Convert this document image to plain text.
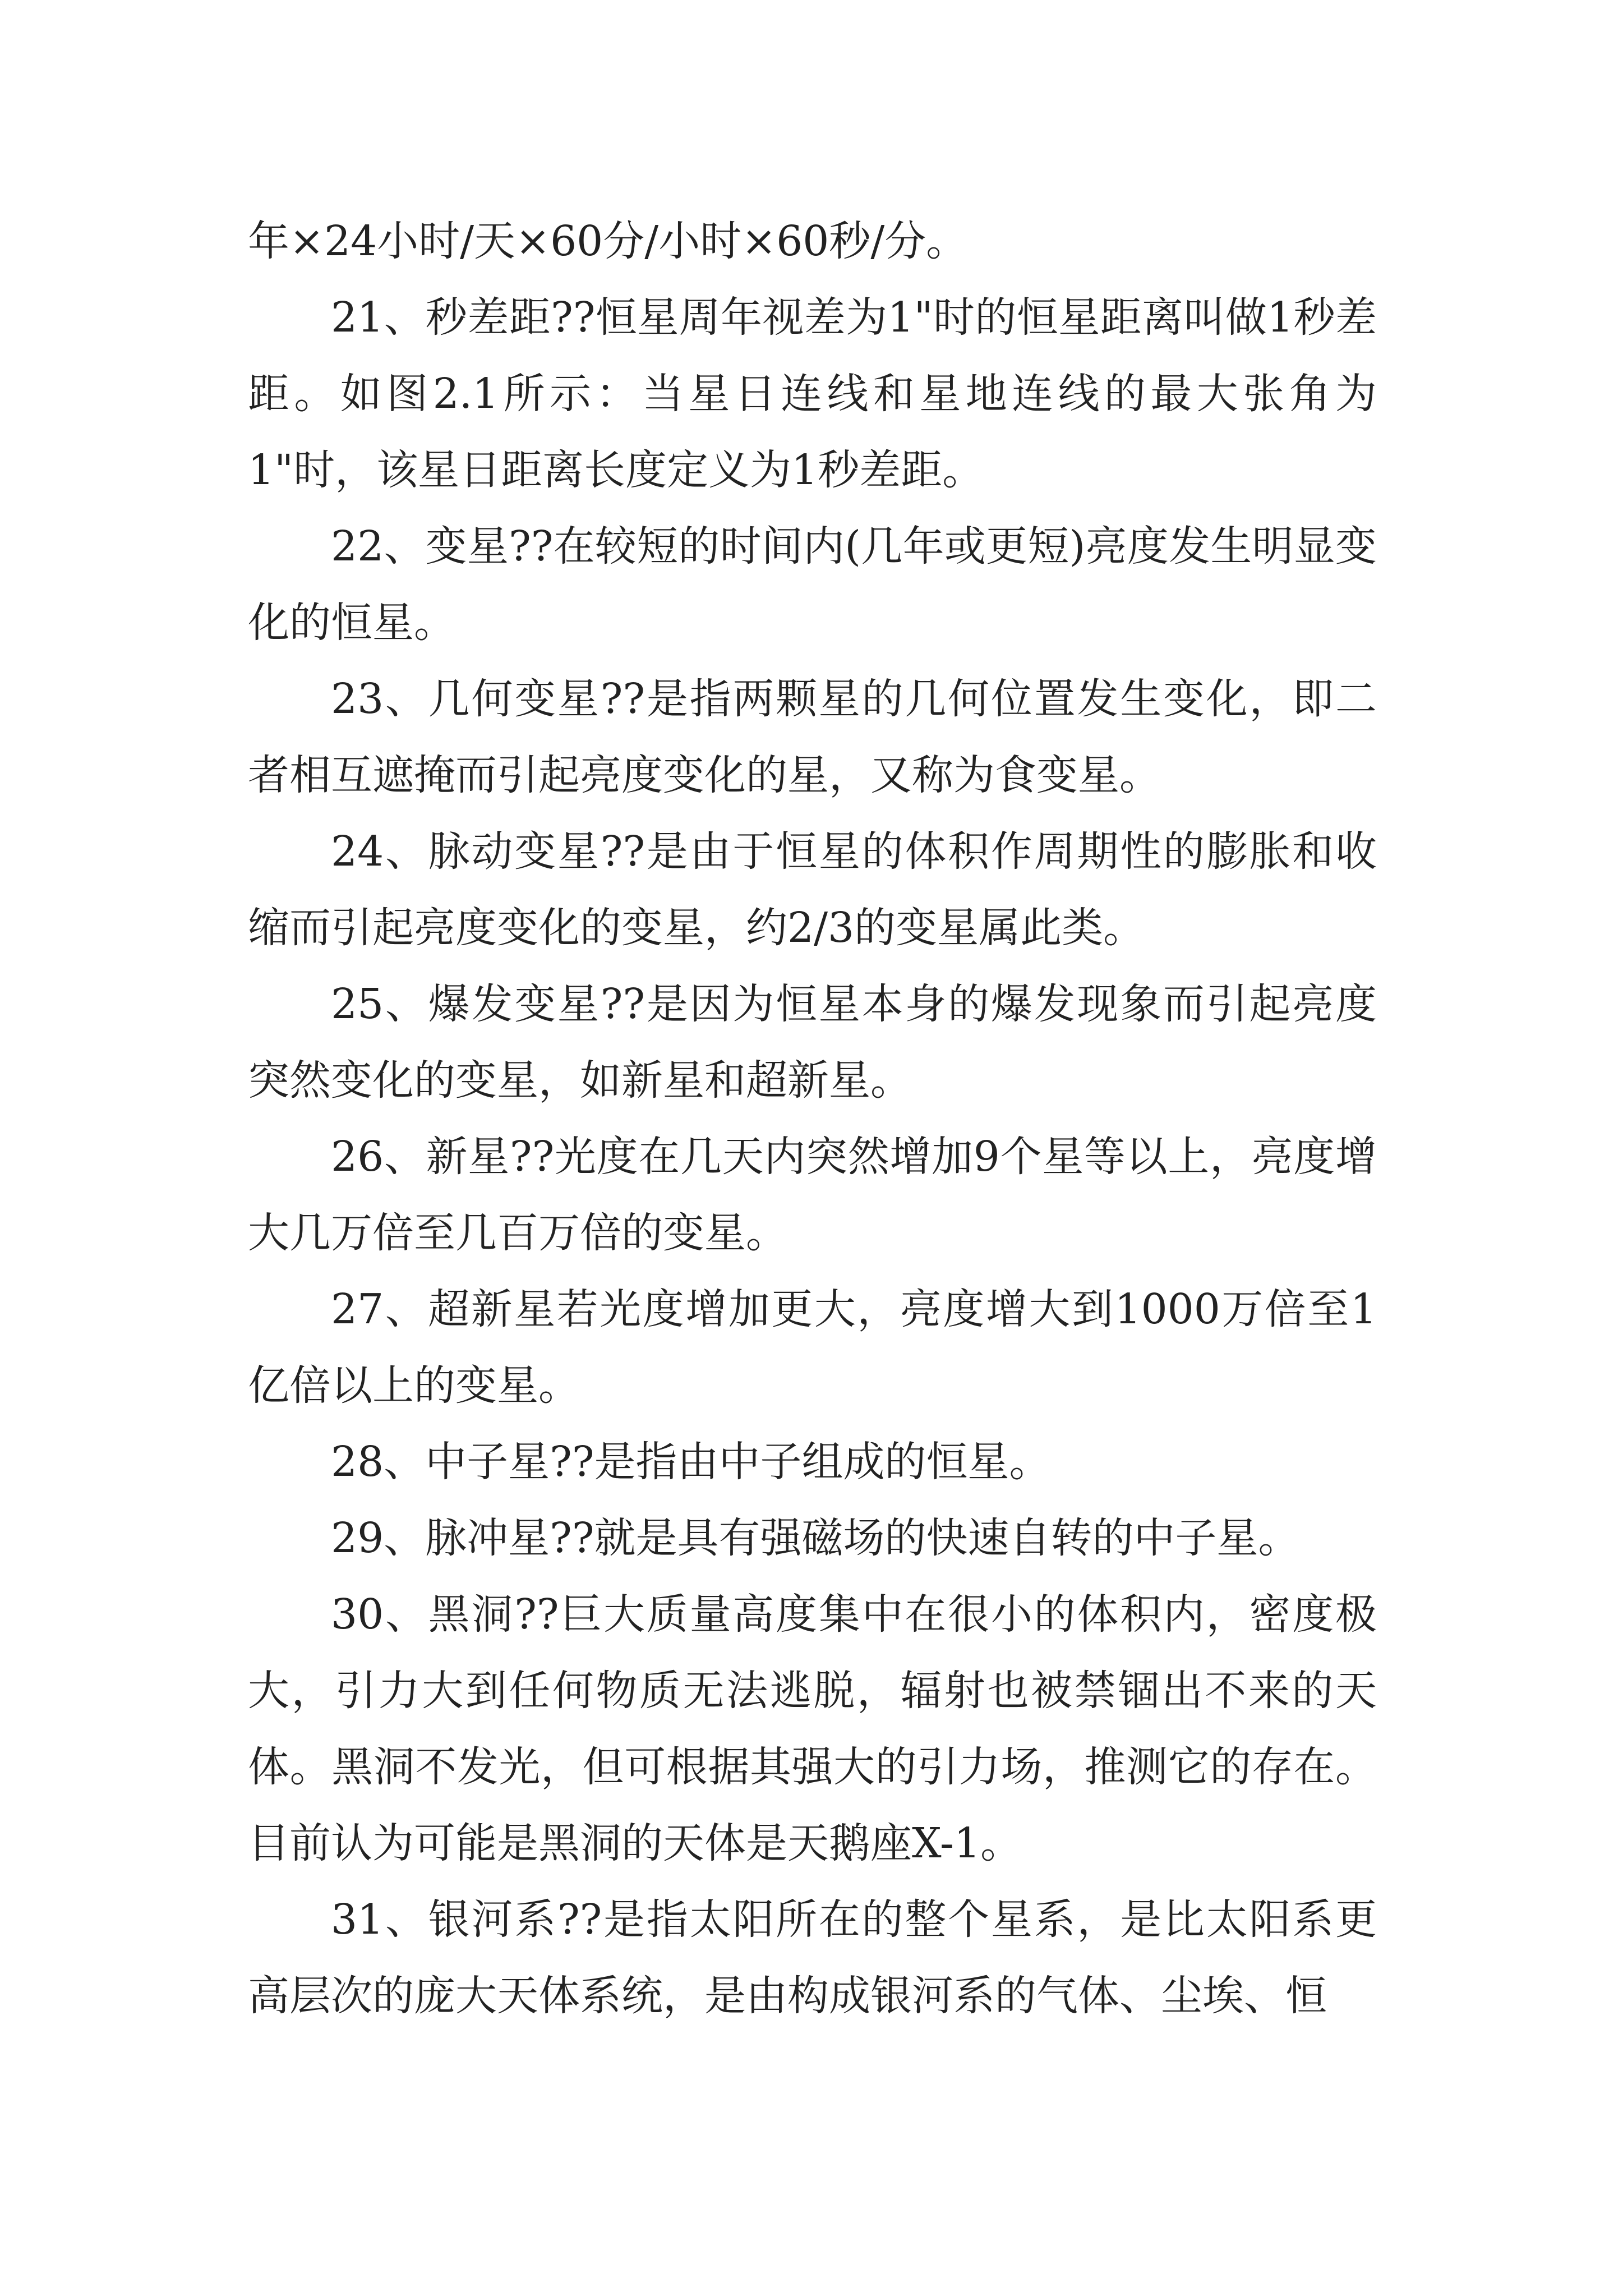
年×24小时/天×60分/小时×60秒/分。

21、秒差距??恒星周年视差为1"时的恒星距离叫做1秒差距。如图2.1所示：当星日连线和星地连线的最大张角为1"时，该星日距离长度定义为1秒差距。

22、变星??在较短的时间内(几年或更短)亮度发生明显变化的恒星。

23、几何变星??是指两颗星的几何位置发生变化，即二者相互遮掩而引起亮度变化的星，又称为食变星。

24、脉动变星??是由于恒星的体积作周期性的膨胀和收缩而引起亮度变化的变星，约2/3的变星属此类。

25、爆发变星??是因为恒星本身的爆发现象而引起亮度突然变化的变星，如新星和超新星。

26、新星??光度在几天内突然增加9个星等以上，亮度增大几万倍至几百万倍的变星。

27、超新星若光度增加更大，亮度增大到1000万倍至1亿倍以上的变星。

28、中子星??是指由中子组成的恒星。

29、脉冲星??就是具有强磁场的快速自转的中子星。

30、黑洞??巨大质量高度集中在很小的体积内，密度极大，引力大到任何物质无法逃脱，辐射也被禁锢出不来的天体。黑洞不发光，但可根据其强大的引力场，推测它的存在。目前认为可能是黑洞的天体是天鹅座X-1。

31、银河系??是指太阳所在的整个星系，是比太阳系更高层次的庞大天体系统，是由构成银河系的气体、尘埃、恒
